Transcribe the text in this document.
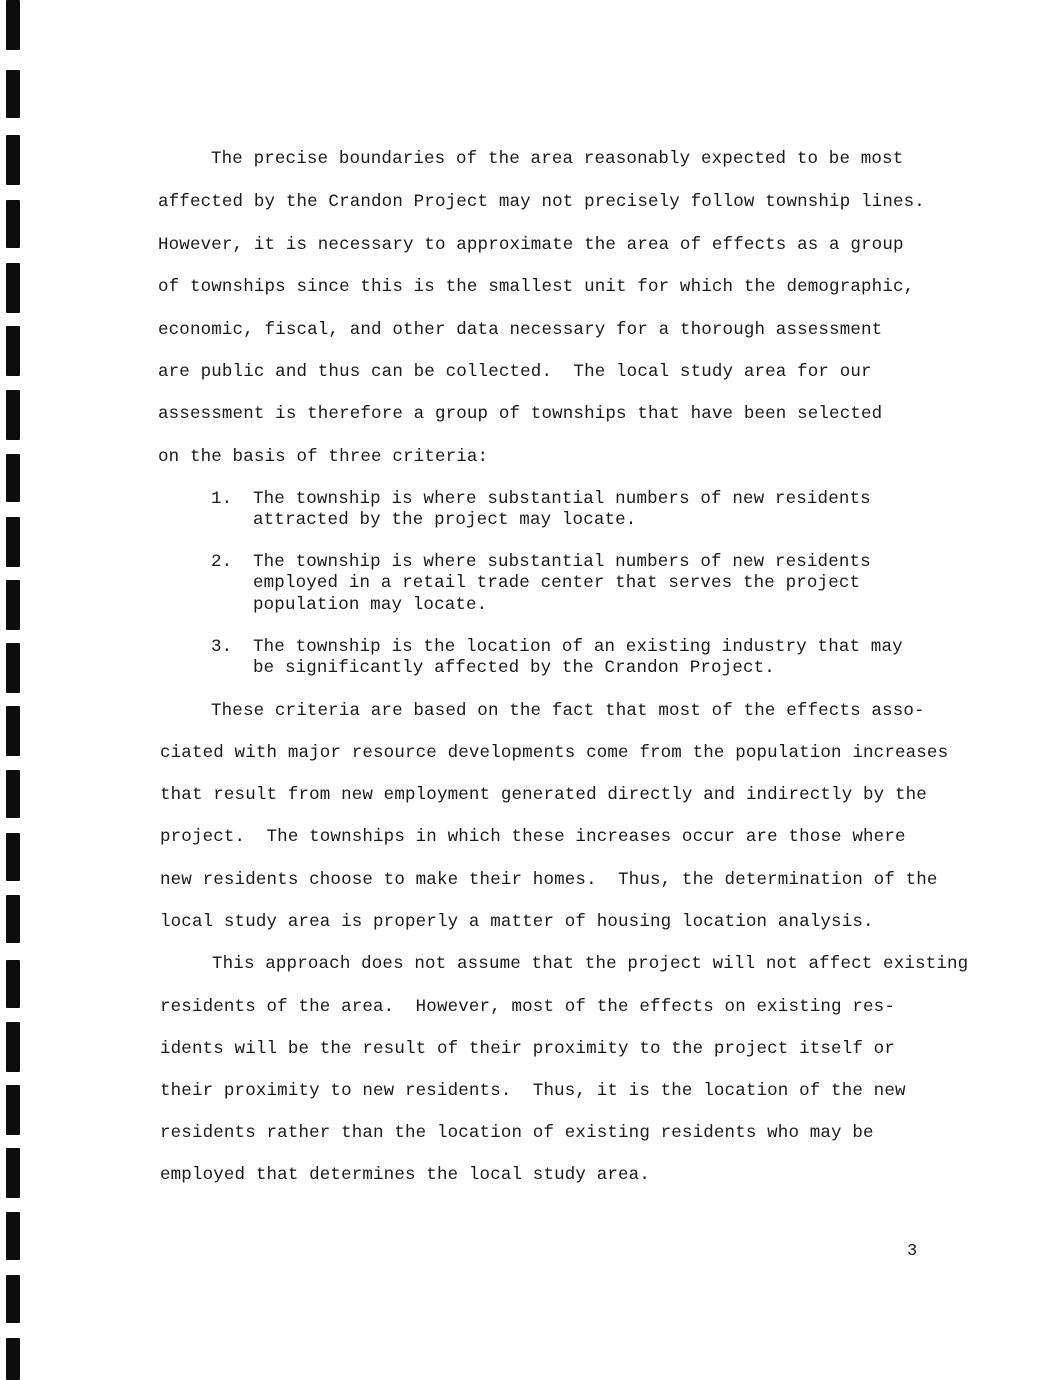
The precise boundaries of the area reasonably expected to be most
affected by the Crandon Project may not precisely follow township lines.
However, it is necessary to approximate the area of effects as a group
of townships since this is the smallest unit for which the demographic,
economic, fiscal, and other data necessary for a thorough assessment
are public and thus can be collected.  The local study area for our
assessment is therefore a group of townships that have been selected
on the basis of three criteria:
1. The township is where substantial numbers of new residents
attracted by the project may locate.
2. The township is where substantial numbers of new residents
employed in a retail trade center that serves the project
population may locate.
3. The township is the location of an existing industry that may
be significantly affected by the Crandon Project.
These criteria are based on the fact that most of the effects asso-
ciated with major resource developments come from the population increases
that result from new employment generated directly and indirectly by the
project.  The townships in which these increases occur are those where
new residents choose to make their homes.  Thus, the determination of the
local study area is properly a matter of housing location analysis.
This approach does not assume that the project will not affect existing
residents of the area.  However, most of the effects on existing res-
idents will be the result of their proximity to the project itself or
their proximity to new residents.  Thus, it is the location of the new
residents rather than the location of existing residents who may be
employed that determines the local study area.
3
